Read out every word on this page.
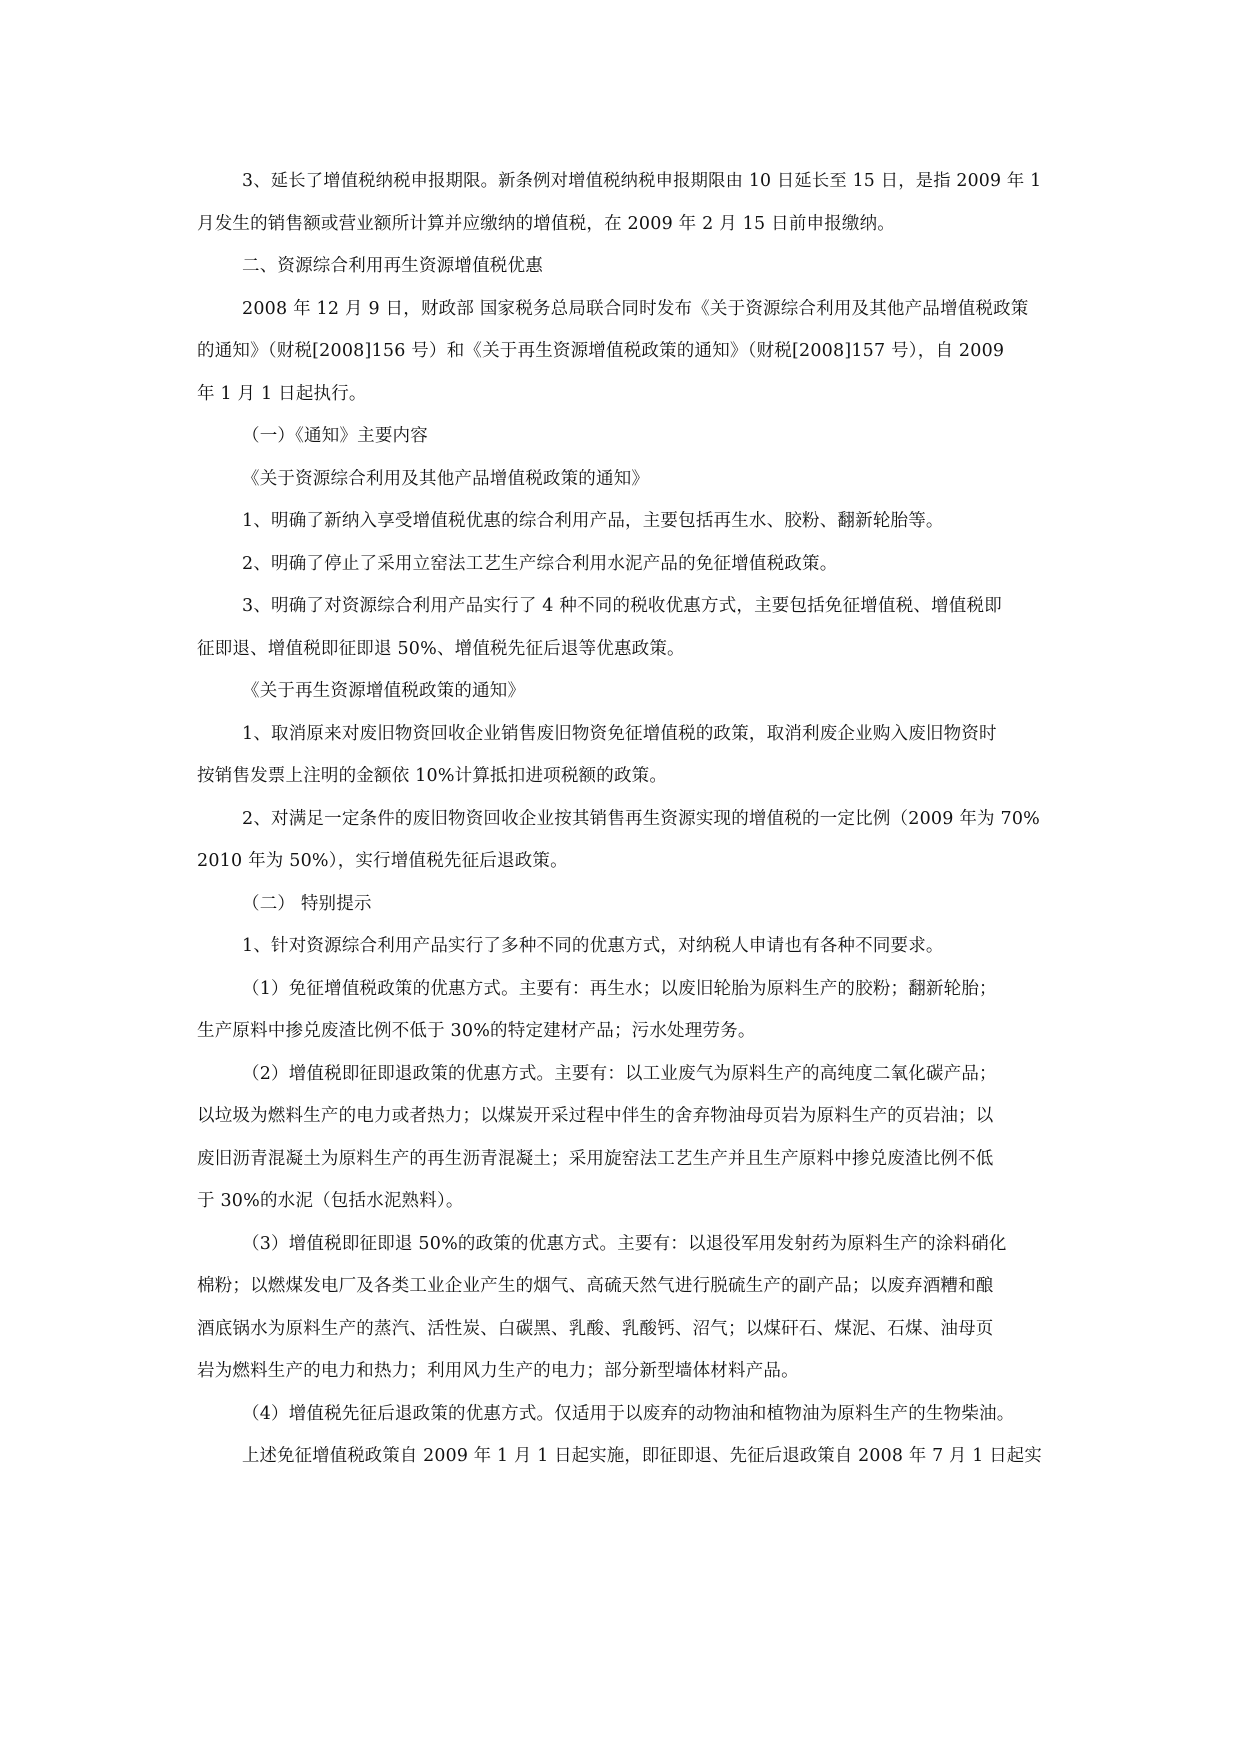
3、延长了增值税纳税申报期限。新条例对增值税纳税申报期限由 10 日延长至 15 日，是指 2009 年 1
月发生的销售额或营业额所计算并应缴纳的增值税，在 2009 年 2 月 15 日前申报缴纳。
二、资源综合利用再生资源增值税优惠
2008 年 12 月 9 日，财政部 国家税务总局联合同时发布《关于资源综合利用及其他产品增值税政策
的通知》（财税[2008]156 号）和《关于再生资源增值税政策的通知》（财税[2008]157 号），自 2009
年 1 月 1 日起执行。
（一）《通知》主要内容
《关于资源综合利用及其他产品增值税政策的通知》
1、明确了新纳入享受增值税优惠的综合利用产品，主要包括再生水、胶粉、翻新轮胎等。
2、明确了停止了采用立窑法工艺生产综合利用水泥产品的免征增值税政策。
3、明确了对资源综合利用产品实行了 4 种不同的税收优惠方式，主要包括免征增值税、增值税即
征即退、增值税即征即退 50%、增值税先征后退等优惠政策。
《关于再生资源增值税政策的通知》
1、取消原来对废旧物资回收企业销售废旧物资免征增值税的政策，取消利废企业购入废旧物资时
按销售发票上注明的金额依 10%计算抵扣进项税额的政策。
2、对满足一定条件的废旧物资回收企业按其销售再生资源实现的增值税的一定比例（2009 年为 70%
2010 年为 50%），实行增值税先征后退政策。
（二） 特别提示
1、针对资源综合利用产品实行了多种不同的优惠方式，对纳税人申请也有各种不同要求。
（1）免征增值税政策的优惠方式。主要有：再生水；以废旧轮胎为原料生产的胶粉；翻新轮胎；
生产原料中掺兑废渣比例不低于 30%的特定建材产品；污水处理劳务。
（2）增值税即征即退政策的优惠方式。主要有：以工业废气为原料生产的高纯度二氧化碳产品；
以垃圾为燃料生产的电力或者热力；以煤炭开采过程中伴生的舍弃物油母页岩为原料生产的页岩油；以
废旧沥青混凝土为原料生产的再生沥青混凝土；采用旋窑法工艺生产并且生产原料中掺兑废渣比例不低
于 30%的水泥（包括水泥熟料）。
（3）增值税即征即退 50%的政策的优惠方式。主要有：以退役军用发射药为原料生产的涂料硝化
棉粉；以燃煤发电厂及各类工业企业产生的烟气、高硫天然气进行脱硫生产的副产品；以废弃酒糟和酿
酒底锅水为原料生产的蒸汽、活性炭、白碳黑、乳酸、乳酸钙、沼气；以煤矸石、煤泥、石煤、油母页
岩为燃料生产的电力和热力；利用风力生产的电力；部分新型墙体材料产品。
（4）增值税先征后退政策的优惠方式。仅适用于以废弃的动物油和植物油为原料生产的生物柴油。
上述免征增值税政策自 2009 年 1 月 1 日起实施，即征即退、先征后退政策自 2008 年 7 月 1 日起实
